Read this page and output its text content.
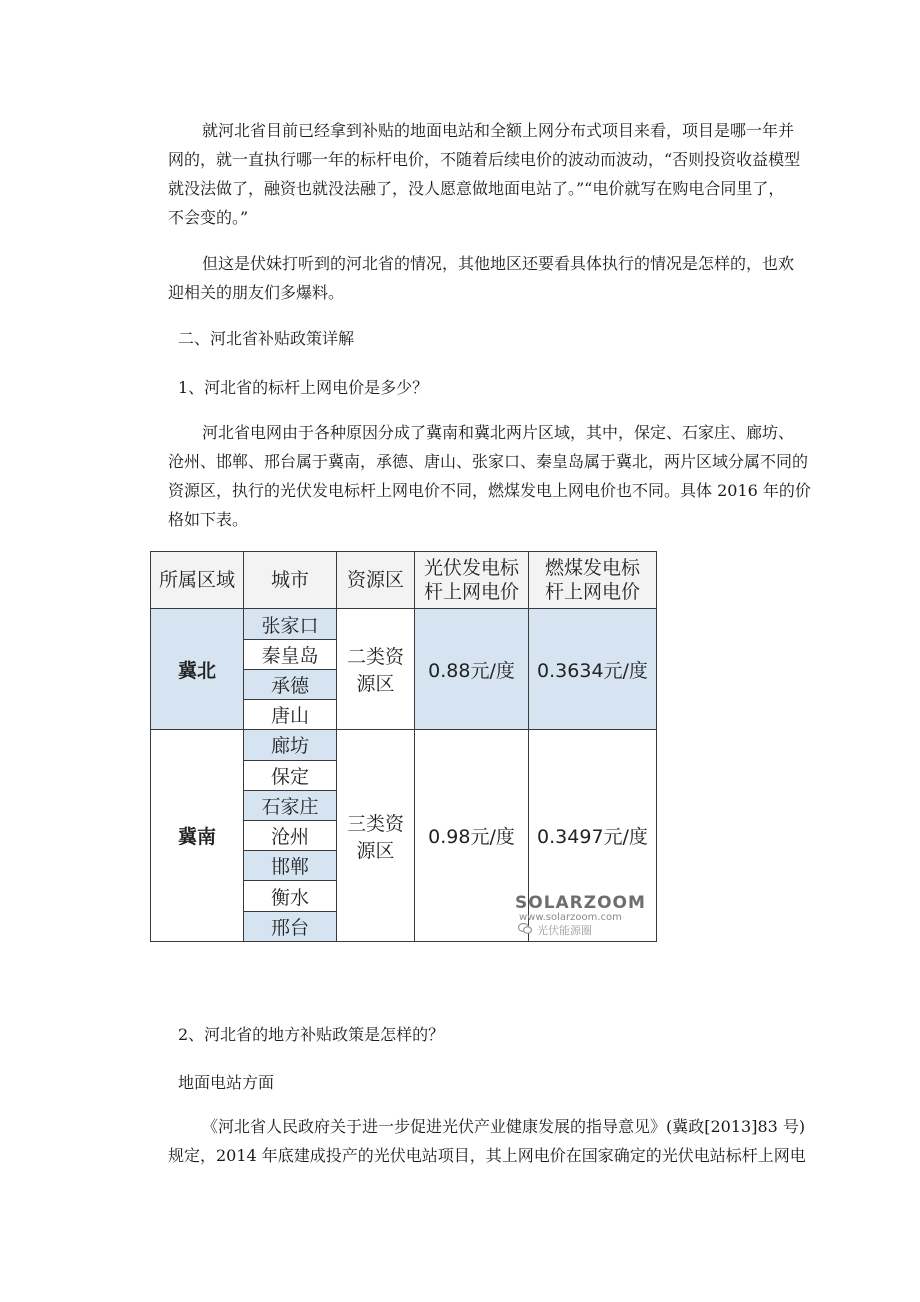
就河北省目前已经拿到补贴的地面电站和全额上网分布式项目来看，项目是哪一年并
网的，就一直执行哪一年的标杆电价，不随着后续电价的波动而波动，“否则投资收益模型
就没法做了，融资也就没法融了，没人愿意做地面电站了。”“电价就写在购电合同里了，
不会变的。”

但这是伏妹打听到的河北省的情况，其他地区还要看具体执行的情况是怎样的，也欢
迎相关的朋友们多爆料。

二、河北省补贴政策详解

1、河北省的标杆上网电价是多少？

河北省电网由于各种原因分成了冀南和冀北两片区域，其中，保定、石家庄、廊坊、
沧州、邯郸、邢台属于冀南，承德、唐山、张家口、秦皇岛属于冀北，两片区域分属不同的
资源区，执行的光伏发电标杆上网电价不同，燃煤发电上网电价也不同。具体 2016 年的价
格如下表。

所属区域	城市	资源区	光伏发电标
杆上网电价	燃煤发电标
杆上网电价
冀北	张家口	二类资
源区	0.88元/度	0.3634元/度
	秦皇岛			
	承德			
	唐山			
冀南	廊坊	三类资
源区	0.98元/度	0.3497元/度
	保定			
	石家庄			
	沧州			
	邯郸			
	衡水			
	邢台			
SOLARZOOM
www.solarzoom.com
光伏能源圈

2、河北省的地方补贴政策是怎样的？

地面电站方面

《河北省人民政府关于进一步促进光伏产业健康发展的指导意见》(冀政[2013]83 号)
规定，2014 年底建成投产的光伏电站项目，其上网电价在国家确定的光伏电站标杆上网电
